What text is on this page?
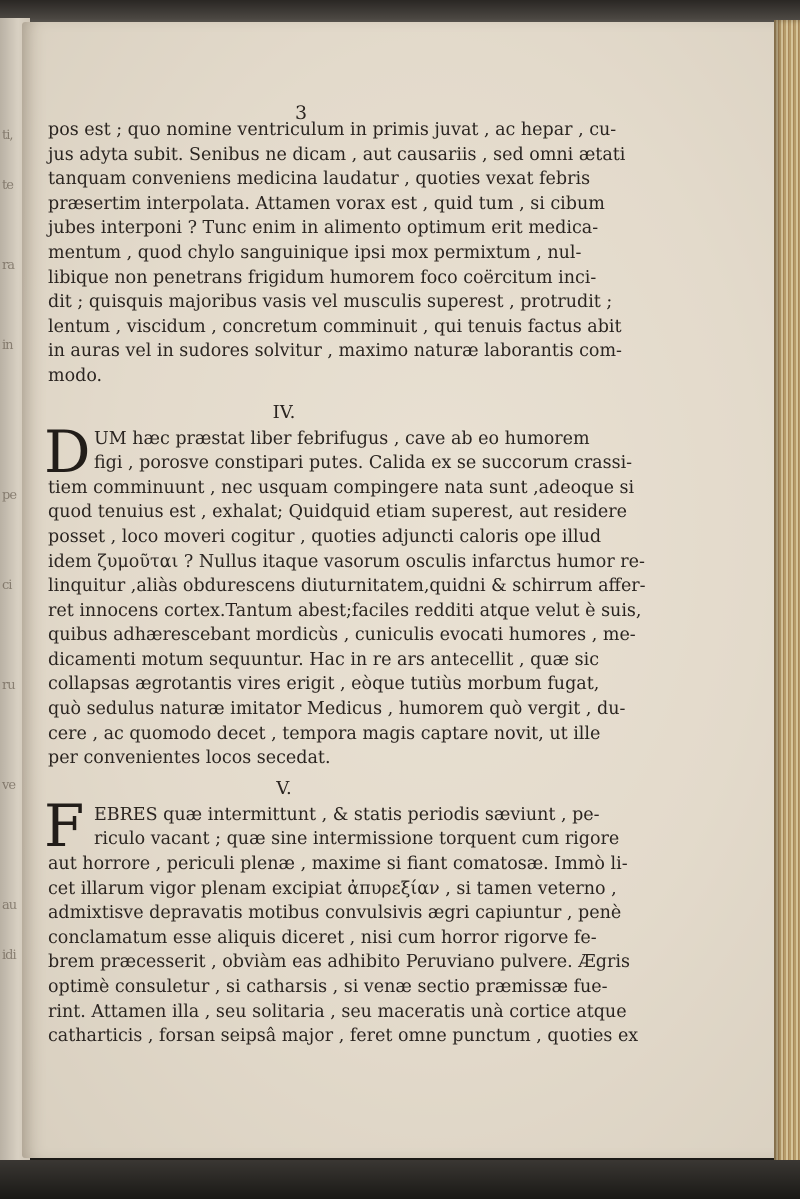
ti,
te
ra
in
pe
ci
ru
ve
au
idi
3
pos est ; quo nomine ventriculum in primis juvat , ac hepar , cu-
jus adyta subit. Senibus ne dicam , aut causariis , sed omni ætati
tanquam conveniens medicina laudatur , quoties vexat febris
præsertim interpolata. Attamen vorax est , quid tum , si cibum
jubes interponi ? Tunc enim in alimento optimum erit medica-
mentum , quod chylo sanguinique ipsi mox permixtum , nul-
libique non penetrans frigidum humorem foco coërcitum inci-
dit ; quisquis majoribus vasis vel musculis superest , protrudit ;
lentum , viscidum , concretum comminuit , qui tenuis factus abit
in auras vel in sudores solvitur , maximo naturæ laborantis com-
modo.
IV.
D UM hæc præstat liber febrifugus , cave ab eo humorem
figi , porosve constipari putes. Calida ex se succorum crassi-
tiem comminuunt , nec usquam compingere nata sunt ,adeoque si
quod tenuius est , exhalat; Quidquid etiam superest, aut residere
posset , loco moveri cogitur , quoties adjuncti caloris ope illud
idem ζυμοῦται ? Nullus itaque vasorum osculis infarctus humor re-
linquitur ,aliàs obdurescens diuturnitatem,quidni & schirrum affer-
ret innocens cortex.Tantum abest;faciles redditi atque velut è suis,
quibus adhærescebant mordicùs , cuniculis evocati humores , me-
dicamenti motum sequuntur. Hac in re ars antecellit , quæ sic
collapsas ægrotantis vires erigit , eòque tutiùs morbum fugat,
quò sedulus naturæ imitator Medicus , humorem quò vergit , du-
cere , ac quomodo decet , tempora magis captare novit, ut ille
per convenientes locos secedat.
V.
F EBRES quæ intermittunt , & statis periodis sæviunt , pe-
riculo vacant ; quæ sine intermissione torquent cum rigore
aut horrore , periculi plenæ , maxime si fiant comatosæ. Immò li-
cet illarum vigor plenam excipiat ἀπυρεξίαν , si tamen veterno ,
admixtisve depravatis motibus convulsivis ægri capiuntur , penè
conclamatum esse aliquis diceret , nisi cum horror rigorve fe-
brem præcesserit , obviàm eas adhibito Peruviano pulvere. Ægris
optimè consuletur , si catharsis , si venæ sectio præmissæ fue-
rint. Attamen illa , seu solitaria , seu maceratis unà cortice atque
catharticis , forsan seipsâ major , feret omne punctum , quoties ex
